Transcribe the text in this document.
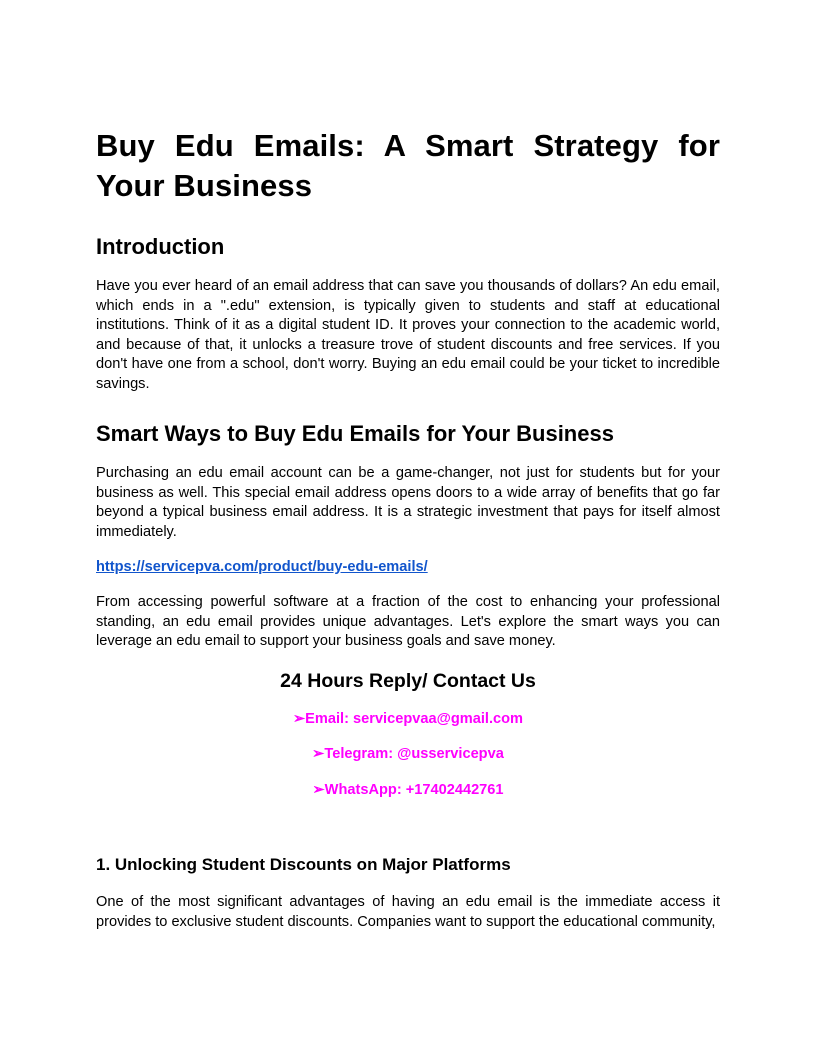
Buy Edu Emails: A Smart Strategy for
Your Business
Introduction

Have you ever heard of an email address that can save you thousands of dollars? An edu email, which ends in a ".edu" extension, is typically given to students and staff at educational institutions. Think of it as a digital student ID. It proves your connection to the academic world, and because of that, it unlocks a treasure trove of student discounts and free services. If you don't have one from a school, don't worry. Buying an edu email could be your ticket to incredible savings.

Smart Ways to Buy Edu Emails for Your Business

Purchasing an edu email account can be a game-changer, not just for students but for your business as well. This special email address opens doors to a wide array of benefits that go far beyond a typical business email address. It is a strategic investment that pays for itself almost immediately.

https://servicepva.com/product/buy-edu-emails/

From accessing powerful software at a fraction of the cost to enhancing your professional standing, an edu email provides unique advantages. Let's explore the smart ways you can leverage an edu email to support your business goals and save money.

24 Hours Reply/ Contact Us
➢Email: servicepvaa@gmail.com
➢Telegram: @usservicepva
➢WhatsApp: +17402442761
1. Unlocking Student Discounts on Major Platforms

One of the most significant advantages of having an edu email is the immediate access it provides to exclusive student discounts. Companies want to support the educational community,
